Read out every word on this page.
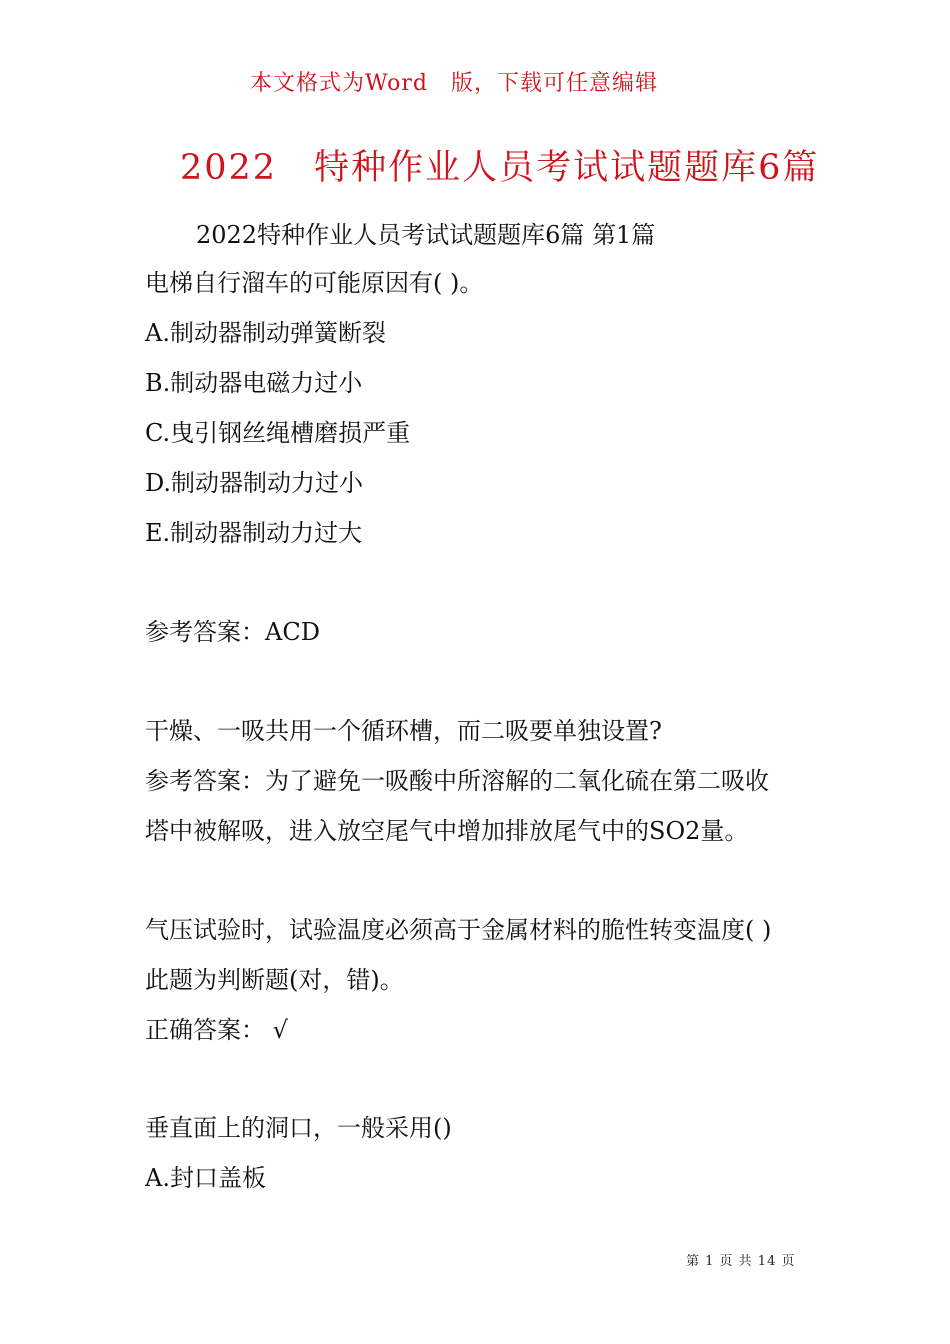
本文格式为Word　版，下载可任意编辑
2022　特种作业人员考试试题题库6篇
2022特种作业人员考试试题题库6篇 第1篇
电梯自行溜车的可能原因有( )。
A.制动器制动弹簧断裂
B.制动器电磁力过小
C.曳引钢丝绳槽磨损严重
D.制动器制动力过小
E.制动器制动力过大
参考答案：ACD
干燥、一吸共用一个循环槽，而二吸要单独设置?
参考答案：为了避免一吸酸中所溶解的二氧化硫在第二吸收
塔中被解吸，进入放空尾气中增加排放尾气中的SO2量。
气压试验时，试验温度必须高于金属材料的脆性转变温度( )
此题为判断题(对，错)。
正确答案： √
垂直面上的洞口，一般采用()
A.封口盖板
第 1 页 共 14 页
